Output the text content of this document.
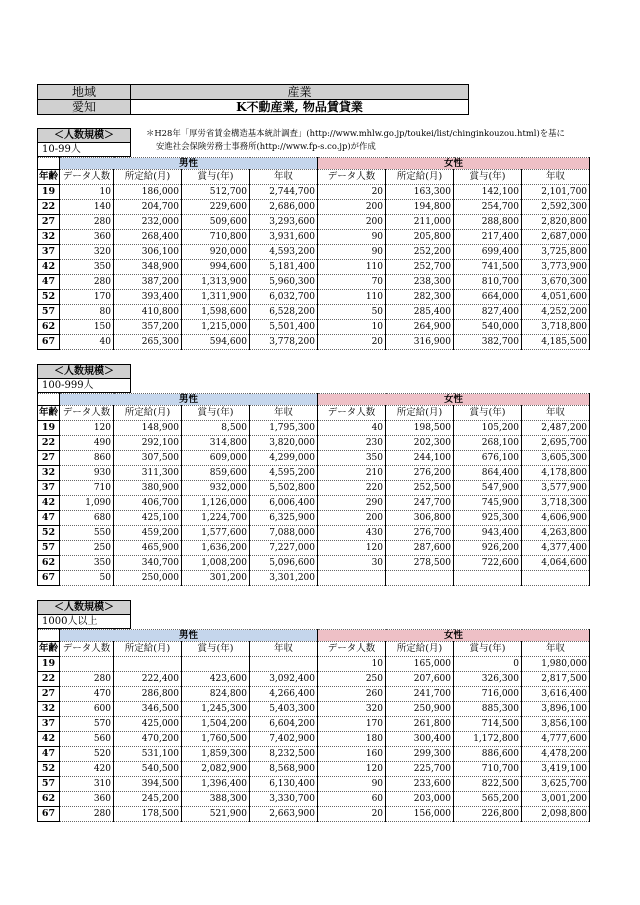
地域	産業
愛知	K不動産業, 物品賃貸業
＊H28年「厚労省賃金構造基本統計調査」(http://www.mhlw.go.jp/toukei/list/chinginkouzou.html)を基に
安進社会保険労務士事務所(http://www.fp-s.co.jp)が作成
＜人数規模＞
10-99人
	男性				女性			
年齢	データ人数	所定給(月)	賞与(年)	年収	データ人数	所定給(月)	賞与(年)	年収
19	10	186,000	512,700	2,744,700	20	163,300	142,100	2,101,700
22	140	204,700	229,600	2,686,000	200	194,800	254,700	2,592,300
27	280	232,000	509,600	3,293,600	200	211,000	288,800	2,820,800
32	360	268,400	710,800	3,931,600	90	205,800	217,400	2,687,000
37	320	306,100	920,000	4,593,200	90	252,200	699,400	3,725,800
42	350	348,900	994,600	5,181,400	110	252,700	741,500	3,773,900
47	280	387,200	1,313,900	5,960,300	70	238,300	810,700	3,670,300
52	170	393,400	1,311,900	6,032,700	110	282,300	664,000	4,051,600
57	80	410,800	1,598,600	6,528,200	50	285,400	827,400	4,252,200
62	150	357,200	1,215,000	5,501,400	10	264,900	540,000	3,718,800
67	40	265,300	594,600	3,778,200	20	316,900	382,700	4,185,500
＜人数規模＞
100-999人
	男性				女性			
年齢	データ人数	所定給(月)	賞与(年)	年収	データ人数	所定給(月)	賞与(年)	年収
19	120	148,900	8,500	1,795,300	40	198,500	105,200	2,487,200
22	490	292,100	314,800	3,820,000	230	202,300	268,100	2,695,700
27	860	307,500	609,000	4,299,000	350	244,100	676,100	3,605,300
32	930	311,300	859,600	4,595,200	210	276,200	864,400	4,178,800
37	710	380,900	932,000	5,502,800	220	252,500	547,900	3,577,900
42	1,090	406,700	1,126,000	6,006,400	290	247,700	745,900	3,718,300
47	680	425,100	1,224,700	6,325,900	200	306,800	925,300	4,606,900
52	550	459,200	1,577,600	7,088,000	430	276,700	943,400	4,263,800
57	250	465,900	1,636,200	7,227,000	120	287,600	926,200	4,377,400
62	350	340,700	1,008,200	5,096,600	30	278,500	722,600	4,064,600
67	50	250,000	301,200	3,301,200				
＜人数規模＞
1000人以上
	男性				女性			
年齢	データ人数	所定給(月)	賞与(年)	年収	データ人数	所定給(月)	賞与(年)	年収
19					10	165,000	0	1,980,000
22	280	222,400	423,600	3,092,400	250	207,600	326,300	2,817,500
27	470	286,800	824,800	4,266,400	260	241,700	716,000	3,616,400
32	600	346,500	1,245,300	5,403,300	320	250,900	885,300	3,896,100
37	570	425,000	1,504,200	6,604,200	170	261,800	714,500	3,856,100
42	560	470,200	1,760,500	7,402,900	180	300,400	1,172,800	4,777,600
47	520	531,100	1,859,300	8,232,500	160	299,300	886,600	4,478,200
52	420	540,500	2,082,900	8,568,900	120	225,700	710,700	3,419,100
57	310	394,500	1,396,400	6,130,400	90	233,600	822,500	3,625,700
62	360	245,200	388,300	3,330,700	60	203,000	565,200	3,001,200
67	280	178,500	521,900	2,663,900	20	156,000	226,800	2,098,800
